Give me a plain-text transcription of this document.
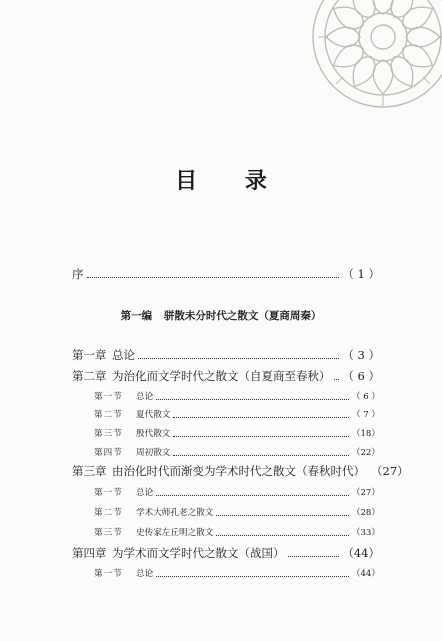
目 录
序	（ 1 ）
第一编 骈散未分时代之散文（夏商周秦）
第一章 总论	（ 3 ）
第二章 为治化而文学时代之散文（自夏商至春秋） （ 6 ）
第一节	总论	（ 6 ）
第二节	夏代散文	（ 7 ）
第三节	殷代散文	（18）
第四节	周初散文	（22）
第三章 由治化时代而渐变为学术时代之散文（春秋时代） （27）
第一节	总论	（27）
第二节	学术大师孔老之散文	（28）
第三节	史传家左丘明之散文	（33）
第四章 为学术而文学时代之散文（战国）	（44）
第一节	总论	（44）
